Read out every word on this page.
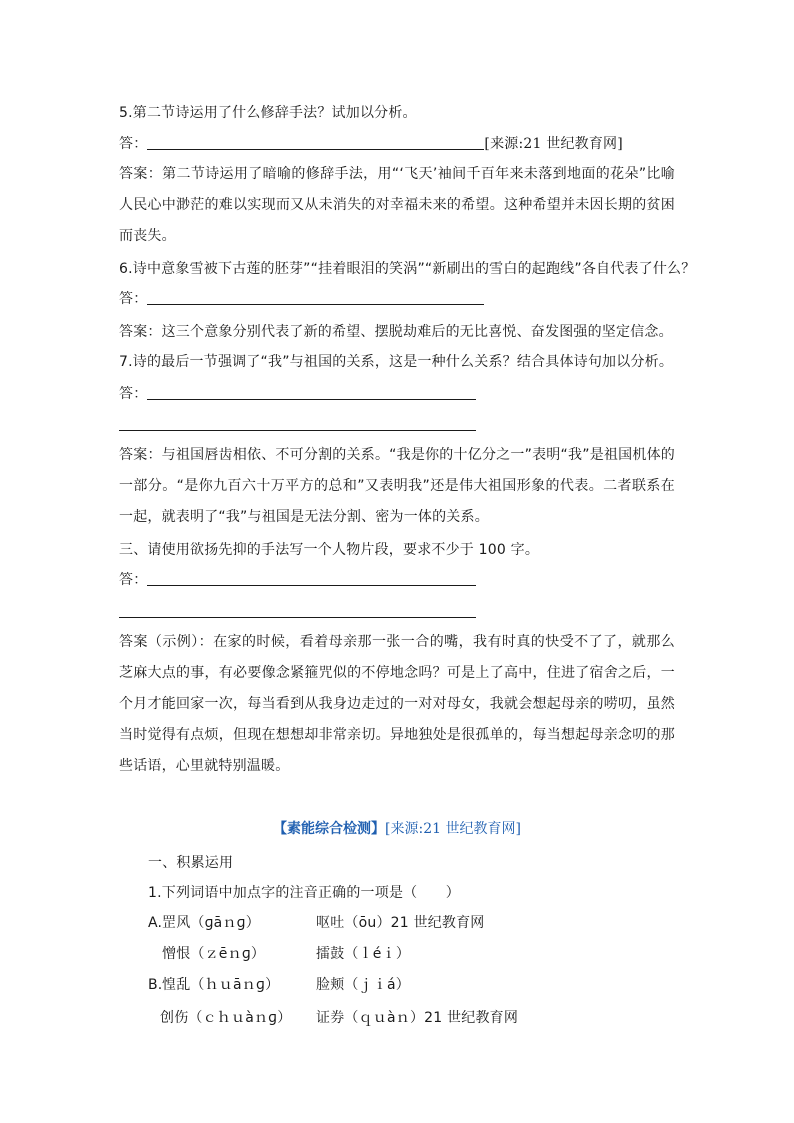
5.第二节诗运用了什么修辞手法？试加以分析。
答：	[来源:21 世纪教育网]
答案：第二节诗运用了暗喻的修辞手法，用“‘飞天’袖间千百年来未落到地面的花朵”比喻人民心中渺茫的难以实现而又从未消失的对幸福未来的希望。这种希望并未因长期的贫困而丧失。
6.诗中意象雪被下古莲的胚芽”“挂着眼泪的笑涡”“新刷出的雪白的起跑线”各自代表了什么？
答：
答案：这三个意象分别代表了新的希望、摆脱劫难后的无比喜悦、奋发图强的坚定信念。
7.诗的最后一节强调了“我”与祖国的关系，这是一种什么关系？结合具体诗句加以分析。
答：
答案：与祖国唇齿相依、不可分割的关系。“我是你的十亿分之一”表明“我”是祖国机体的一部分。“是你九百六十万平方的总和”又表明我”还是伟大祖国形象的代表。二者联系在一起，就表明了“我”与祖国是无法分割、密为一体的关系。
三、请使用欲扬先抑的手法写一个人物片段，要求不少于 100 字。
答：
答案（示例）：在家的时候，看着母亲那一张一合的嘴，我有时真的快受不了了，就那么芝麻大点的事，有必要像念紧箍咒似的不停地念吗？可是上了高中，住进了宿舍之后，一个月才能回家一次，每当看到从我身边走过的一对对母女，我就会想起母亲的唠叨，虽然当时觉得有点烦，但现在想想却非常亲切。异地独处是很孤单的，每当想起母亲念叨的那些话语，心里就特别温暖。
【素能综合检测】[来源:21 世纪教育网]
一、积累运用
1.下列词语中加点字的注音正确的一项是（　　）
A. 罡风（ɡāｎɡ）	呕吐（ōu）21 世纪教育网
憎恨（ｚēｎɡ）	擂鼓（ｌéｉ）
B. 惶乱（ｈｕāｎɡ）	脸颊（ｊｉá）
创伤（ｃｈｕàｎɡ） 证券（ｑｕàｎ）21 世纪教育网
